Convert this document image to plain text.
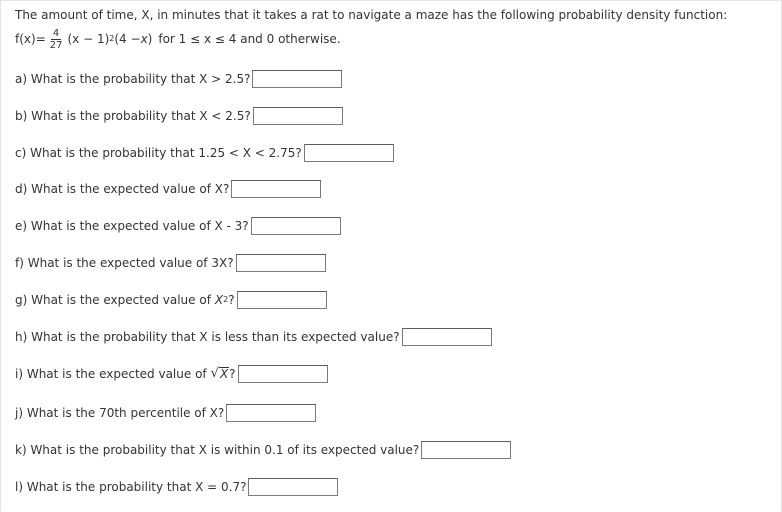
The amount of time, X, in minutes that it takes a rat to navigate a maze has the following probability density function:
$f(x)= \frac{4}{27} (x - 1)$ 2 (4 − x ) for 1 ≤ x ≤ 4 and 0 otherwise.
a) What is the probability that X > 2.5?
b) What is the probability that X < 2.5?
c) What is the probability that 1.25 < X < 2.75?
d) What is the expected value of X?
e) What is the expected value of X - 3?
f) What is the expected value of 3X?
g) What is the expected value of X 2 ?
h) What is the probability that X is less than its expected value?
i) What is the expected value of √ X ?
j) What is the 70th percentile of X?
k) What is the probability that X is within 0.1 of its expected value?
l) What is the probability that X = 0.7?
